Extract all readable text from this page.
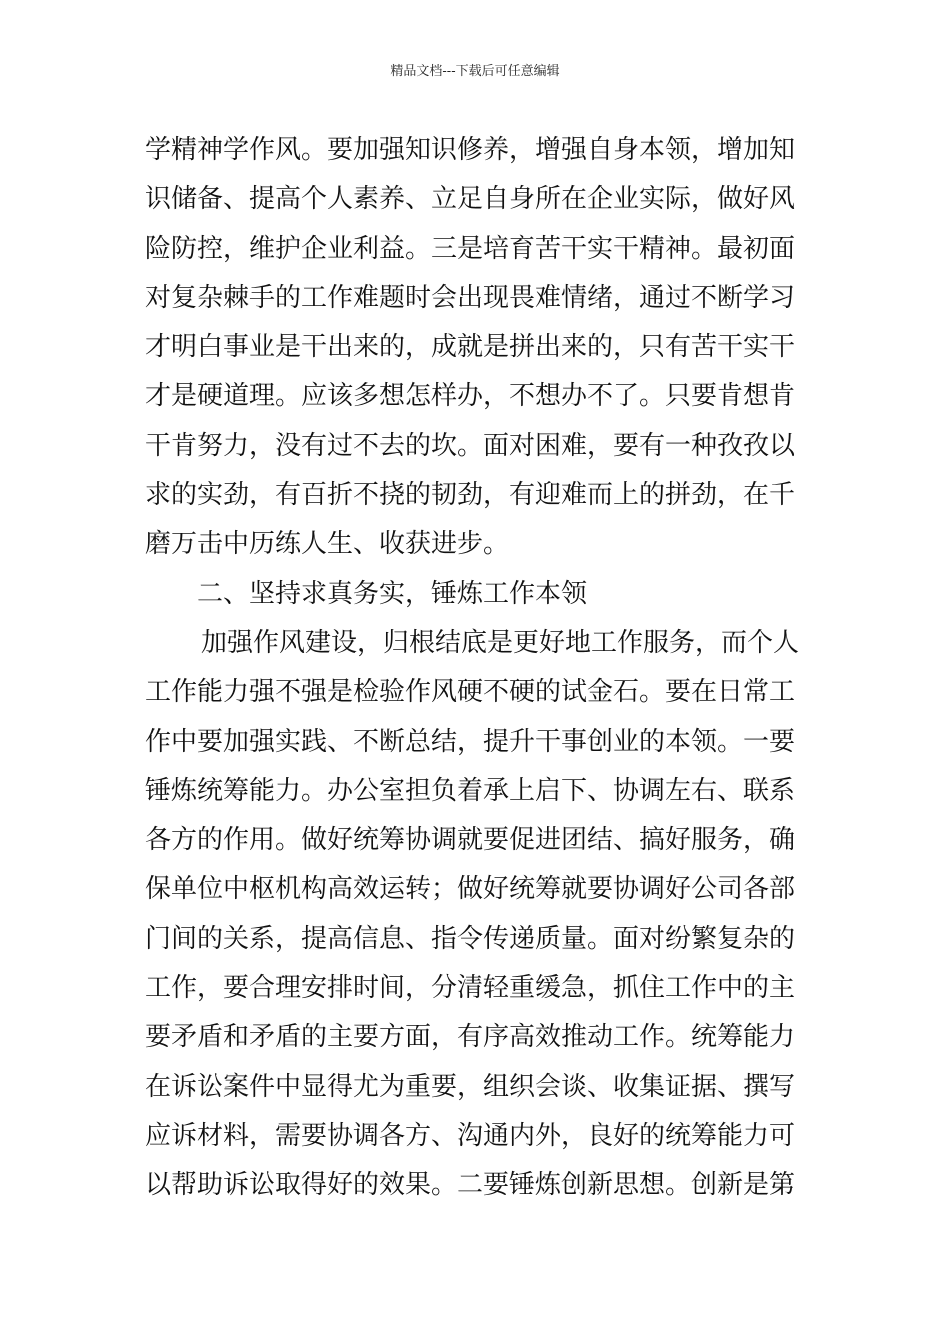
精品文档---下载后可任意编辑
学精神学作风。要加强知识修养，增强自身本领，增加知
识储备、提高个人素养、立足自身所在企业实际，做好风
险防控，维护企业利益。三是培育苦干实干精神。最初面
对复杂棘手的工作难题时会出现畏难情绪，通过不断学习
才明白事业是干出来的，成就是拼出来的，只有苦干实干
才是硬道理。应该多想怎样办，不想办不了。只要肯想肯
干肯努力，没有过不去的坎。面对困难，要有一种孜孜以
求的实劲，有百折不挠的韧劲，有迎难而上的拼劲，在千
磨万击中历练人生、收获进步。
二、坚持求真务实，锤炼工作本领
加强作风建设，归根结底是更好地工作服务，而个人
工作能力强不强是检验作风硬不硬的试金石。要在日常工
作中要加强实践、不断总结，提升干事创业的本领。一要
锤炼统筹能力。办公室担负着承上启下、协调左右、联系
各方的作用。做好统筹协调就要促进团结、搞好服务，确
保单位中枢机构高效运转；做好统筹就要协调好公司各部
门间的关系，提高信息、指令传递质量。面对纷繁复杂的
工作，要合理安排时间，分清轻重缓急，抓住工作中的主
要矛盾和矛盾的主要方面，有序高效推动工作。统筹能力
在诉讼案件中显得尤为重要，组织会谈、收集证据、撰写
应诉材料，需要协调各方、沟通内外，良好的统筹能力可
以帮助诉讼取得好的效果。二要锤炼创新思想。创新是第
